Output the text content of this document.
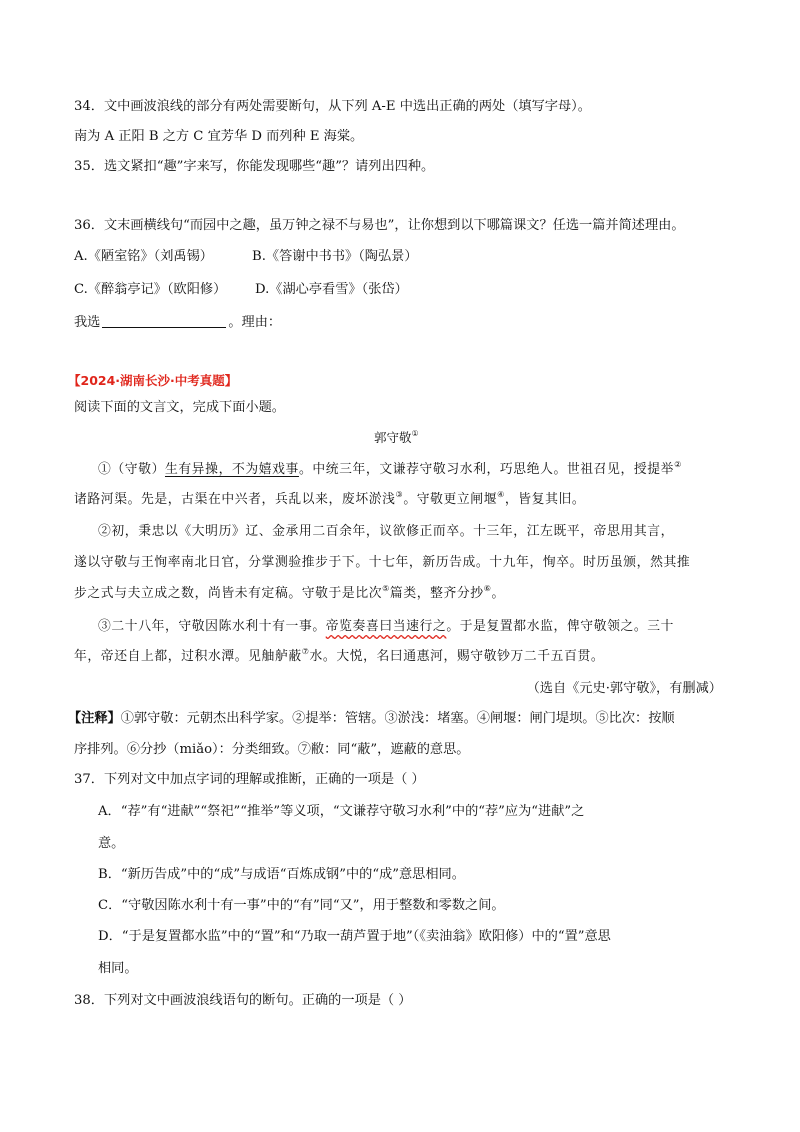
34．文中画波浪线的部分有两处需要断句，从下列 A-E 中选出正确的两处（填写字母）。
南为 A 正阳 B 之方 C 宜芳华 D 而列种 E 海棠。
35．选文紧扣“趣”字来写，你能发现哪些“趣”？请列出四种。
36．文末画横线句“而园中之趣，虽万钟之禄不与易也”，让你想到以下哪篇课文？任选一篇并简述理由。
A.《陋室铭》（刘禹锡）	B.《答谢中书书》（陶弘景）
C.《醉翁亭记》（欧阳修） D.《湖心亭看雪》（张岱）
我选	。理由：
【2024·湖南长沙·中考真题】
阅读下面的文言文，完成下面小题。
郭守敬①
①（守敬）生有异操，不为嬉戏事。中统三年，文谦荐守敬习水利，巧思绝人。世祖召见，授提举②
诸路河渠。先是，古渠在中兴者，兵乱以来，废坏淤浅③。守敬更立闸堰④，皆复其旧。
②初，秉忠以《大明历》辽、金承用二百余年，议欲修正而卒。十三年，江左既平，帝思用其言，
遂以守敬与王恂率南北日官，分掌测验推步于下。十七年，新历告成。十九年，恂卒。时历虽颁，然其推
步之式与夫立成之数，尚皆未有定稿。守敬于是比次⑤篇类，整齐分抄⑥。
③二十八年，守敬因陈水利十有一事。帝览奏喜曰当速行之。于是复置都水监，俾守敬领之。三十
年，帝还自上都，过积水潭。见舳舻蔽⑦水。大悦，名曰通惠河，赐守敬钞万二千五百贯。
（选自《元史·郭守敬》，有删减）
【注释】①郭守敬：元朝杰出科学家。②提举：管辖。③淤浅：堵塞。④闸堰：闸门堤坝。⑤比次：按顺
序排列。⑥分抄（miǎo）：分类细致。⑦敝：同“蔽”，遮蔽的意思。
37．下列对文中加点字词的理解或推断，正确的一项是（ ）
A．“荐”有“进献”“祭祀”“推举”等义项，“文谦荐守敬习水利”中的“荐”应为“进献”之
意。
B．“新历告成”中的“成”与成语“百炼成钢”中的“成”意思相同。
C．“守敬因陈水利十有一事”中的“有”同“又”，用于整数和零数之间。
D．“于是复置都水监”中的“置”和“乃取一葫芦置于地”（《卖油翁》欧阳修）中的“置”意思
相同。
38．下列对文中画波浪线语句的断句。正确的一项是（ ）
